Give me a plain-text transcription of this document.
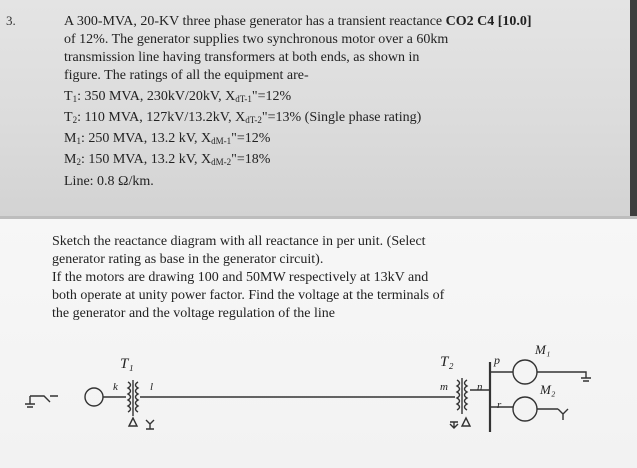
3.	A 300-MVA, 20-KV three phase generator has a transient reactance CO2 C4 [10.0]
of 12%. The generator supplies two synchronous motor over a 60km
transmission line having transformers at both ends, as shown in
figure. The ratings of all the equipment are-
$T_1$: 350 MVA, 230kV/20kV, $X_{dT-1}"=12\%$
$T_2$: 110 MVA, 127kV/13.2kV, $X_{dT-2}"=13\%$ (Single phase rating)
$M_1$: 250 MVA, 13.2 kV, $X_{dM-1}"=12\%$
$M_2$: 150 MVA, 13.2 kV, $X_{dM-2}"=18\%$
Line: 0.8 Ω/km.
Sketch the reactance diagram with all reactance in per unit. (Select
generator rating as base in the generator circuit).
If the motors are drawing 100 and 50MW respectively at 13kV and
both operate at unity power factor. Find the voltage at the terminals of
the generator and the voltage regulation of the line
T₁	T₂
M₁
M₂
k	l	m	n
p
r
